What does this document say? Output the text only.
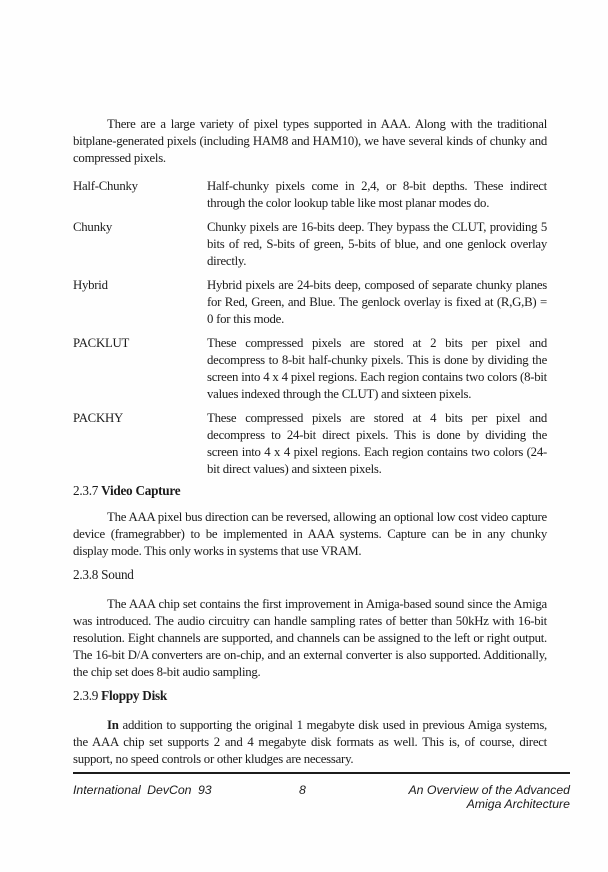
There are a large variety of pixel types supported in AAA. Along with the traditional bitplane-generated pixels (including HAM8 and HAM10), we have several kinds of chunky and compressed pixels.

Half-Chunky	Half-chunky pixels come in 2,4, or 8-bit depths. These indirect through the color lookup table like most planar modes do.
Chunky	Chunky pixels are 16-bits deep. They bypass the CLUT, providing 5 bits of red, S-bits of green, 5-bits of blue, and one genlock overlay directly.
Hybrid	Hybrid pixels are 24-bits deep, composed of separate chunky planes for Red, Green, and Blue. The genlock overlay is fixed at (R,G,B) = 0 for this mode.
PACKLUT	These compressed pixels are stored at 2 bits per pixel and decompress to 8-bit half-chunky pixels. This is done by dividing the screen into 4 x 4 pixel regions. Each region contains two colors (8-bit values indexed through the CLUT) and sixteen pixels.
PACKHY	These compressed pixels are stored at 4 bits per pixel and decompress to 24-bit direct pixels. This is done by dividing the screen into 4 x 4 pixel regions. Each region contains two colors (24-bit direct values) and sixteen pixels.
2.3.7 Video Capture

The AAA pixel bus direction can be reversed, allowing an optional low cost video capture device (framegrabber) to be implemented in AAA systems. Capture can be in any chunky display mode. This only works in systems that use VRAM.

2.3.8 Sound

The AAA chip set contains the first improvement in Amiga-based sound since the Amiga was introduced. The audio circuitry can handle sampling rates of better than 50kHz with 16-bit resolution. Eight channels are supported, and channels can be assigned to the left or right output. The 16-bit D/A converters are on-chip, and an external converter is also supported. Additionally, the chip set does 8-bit audio sampling.

2.3.9 Floppy Disk

In addition to supporting the original 1 megabyte disk used in previous Amiga systems, the AAA chip set supports 2 and 4 megabyte disk formats as well. This is, of course, direct support, no speed controls or other kludges are necessary.

International DevCon 93	8	An Overview of the Advanced
Amiga Architecture
